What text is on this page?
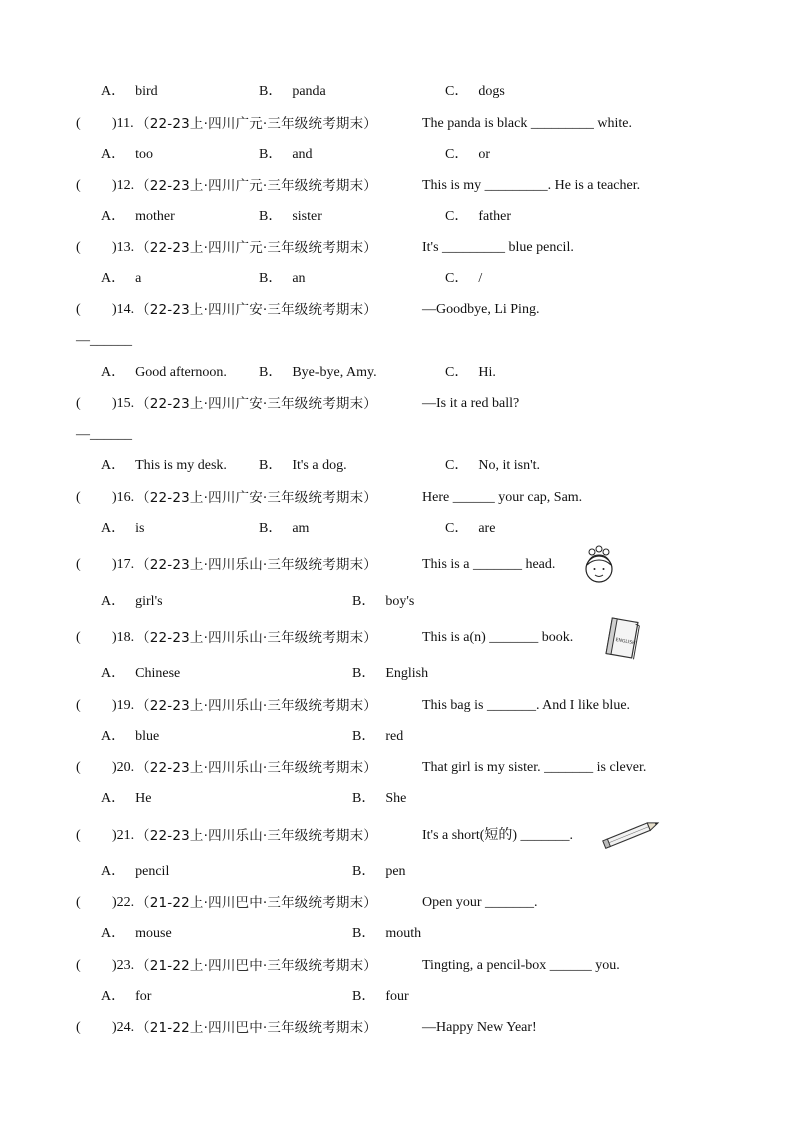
A． bird	B． panda	C． dogs
( )11. （22-23上·四川广元·三年级统考期末）	The panda is black _________ white.
A． too	B． and	C． or
( )12. （22-23上·四川广元·三年级统考期末）	This is my _________. He is a teacher.
A． mother	B． sister	C． father
( )13. （22-23上·四川广元·三年级统考期末）	It's _________ blue pencil.
A． a	B． an	C． /
( )14. （22-23上·四川广安·三年级统考期末）	—Goodbye, Li Ping.
—______
A． Good afternoon. B． Bye-bye, Amy.	C． Hi.
( )15. （22-23上·四川广安·三年级统考期末）	—Is it a red ball?
—______
A． This is my desk. B． It's a dog.	C． No, it isn't.
( )16. （22-23上·四川广安·三年级统考期末）	Here ______ your cap, Sam.
A． is	B． am	C． are
( )17. （22-23上·四川乐山·三年级统考期末）	This is a _______ head.
A． girl's	B． boy's
( )18. （22-23上·四川乐山·三年级统考期末）	This is a(n) _______ book.	ENGLISH
A． Chinese	B． English
( )19. （22-23上·四川乐山·三年级统考期末）	This bag is _______. And I like blue.
A． blue	B． red
( )20. （22-23上·四川乐山·三年级统考期末）	That girl is my sister. _______ is clever.
A． He	B． She
( )21. （22-23上·四川乐山·三年级统考期末）	It's a short(短的) _______.
A． pencil	B． pen
( )22. （21-22上·四川巴中·三年级统考期末）	Open your _______.
A． mouse	B． mouth
( )23. （21-22上·四川巴中·三年级统考期末）	Tingting, a pencil-box ______ you.
A． for	B． four
( )24. （21-22上·四川巴中·三年级统考期末）	—Happy New Year!
